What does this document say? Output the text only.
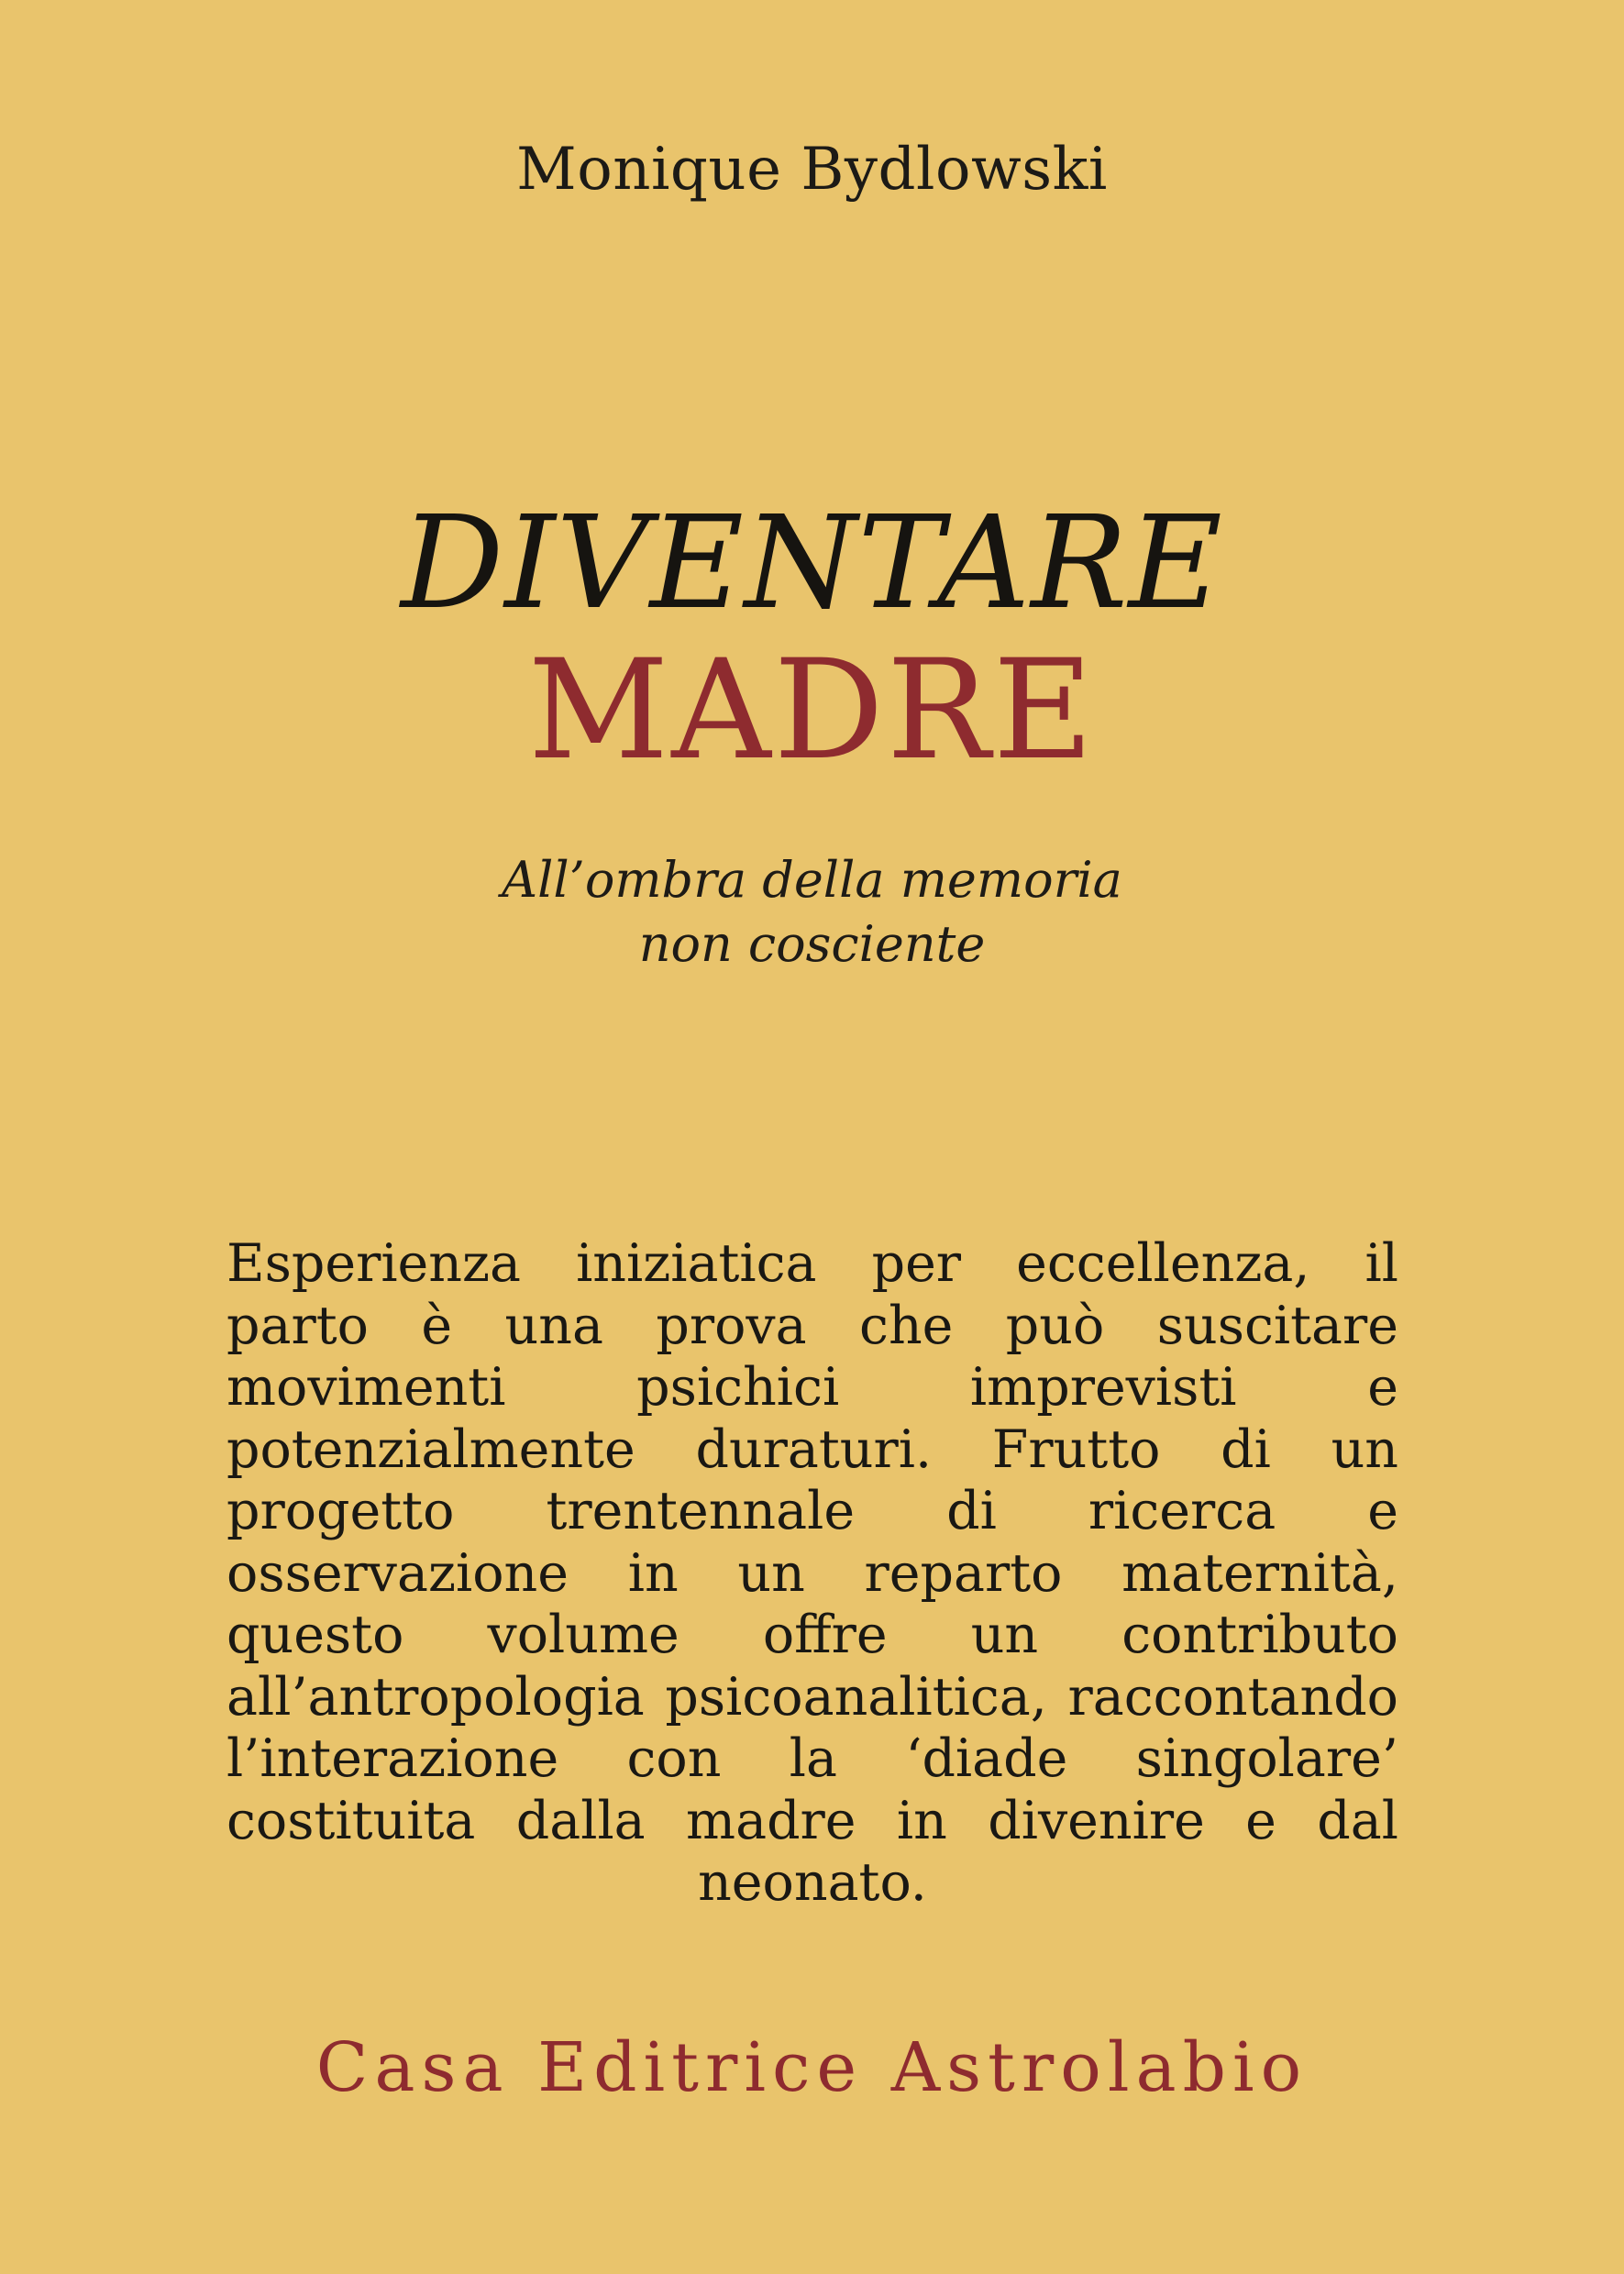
Monique Bydlowski
DIVENTARE
MADRE
All’ombra della memoria
non cosciente
Esperienza iniziatica per eccellenza, il parto è una prova che può suscitare movimenti psichici imprevisti e potenzialmente duraturi. Frutto di un progetto trentennale di ricerca e osservazione in un reparto maternità, questo volume offre un contributo all’antropologia psicoanalitica, raccontando l’interazione con la ‘diade singolare’ costituita dalla madre in divenire e dal neonato.
Casa Editrice Astrolabio
